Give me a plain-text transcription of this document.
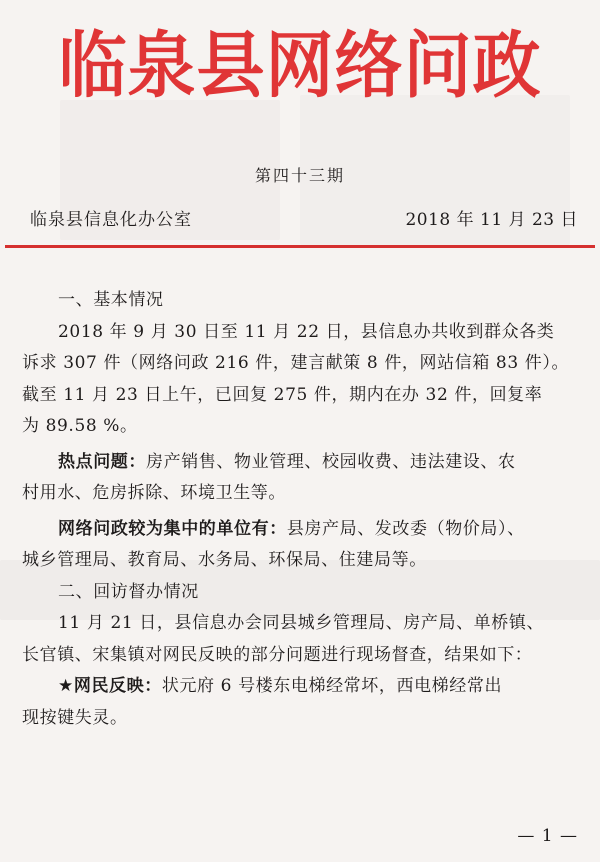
临泉县网络问政
第四十三期
临泉县信息化办公室	2018 年 11 月 23 日

一、基本情况

2018 年 9 月 30 日至 11 月 22 日，县信息办共收到群众各类

诉求 307 件（网络问政 216 件，建言献策 8 件，网站信箱 83 件）。

截至 11 月 23 日上午，已回复 275 件，期内在办 32 件，回复率

为 89.58 %。

热点问题：房产销售、物业管理、校园收费、违法建设、农

村用水、危房拆除、环境卫生等。

网络问政较为集中的单位有：县房产局、发改委（物价局）、

城乡管理局、教育局、水务局、环保局、住建局等。

二、回访督办情况

11 月 21 日，县信息办会同县城乡管理局、房产局、单桥镇、

长官镇、宋集镇对网民反映的部分问题进行现场督查，结果如下：

★网民反映：状元府 6 号楼东电梯经常坏，西电梯经常出

现按键失灵。

— 1 —
